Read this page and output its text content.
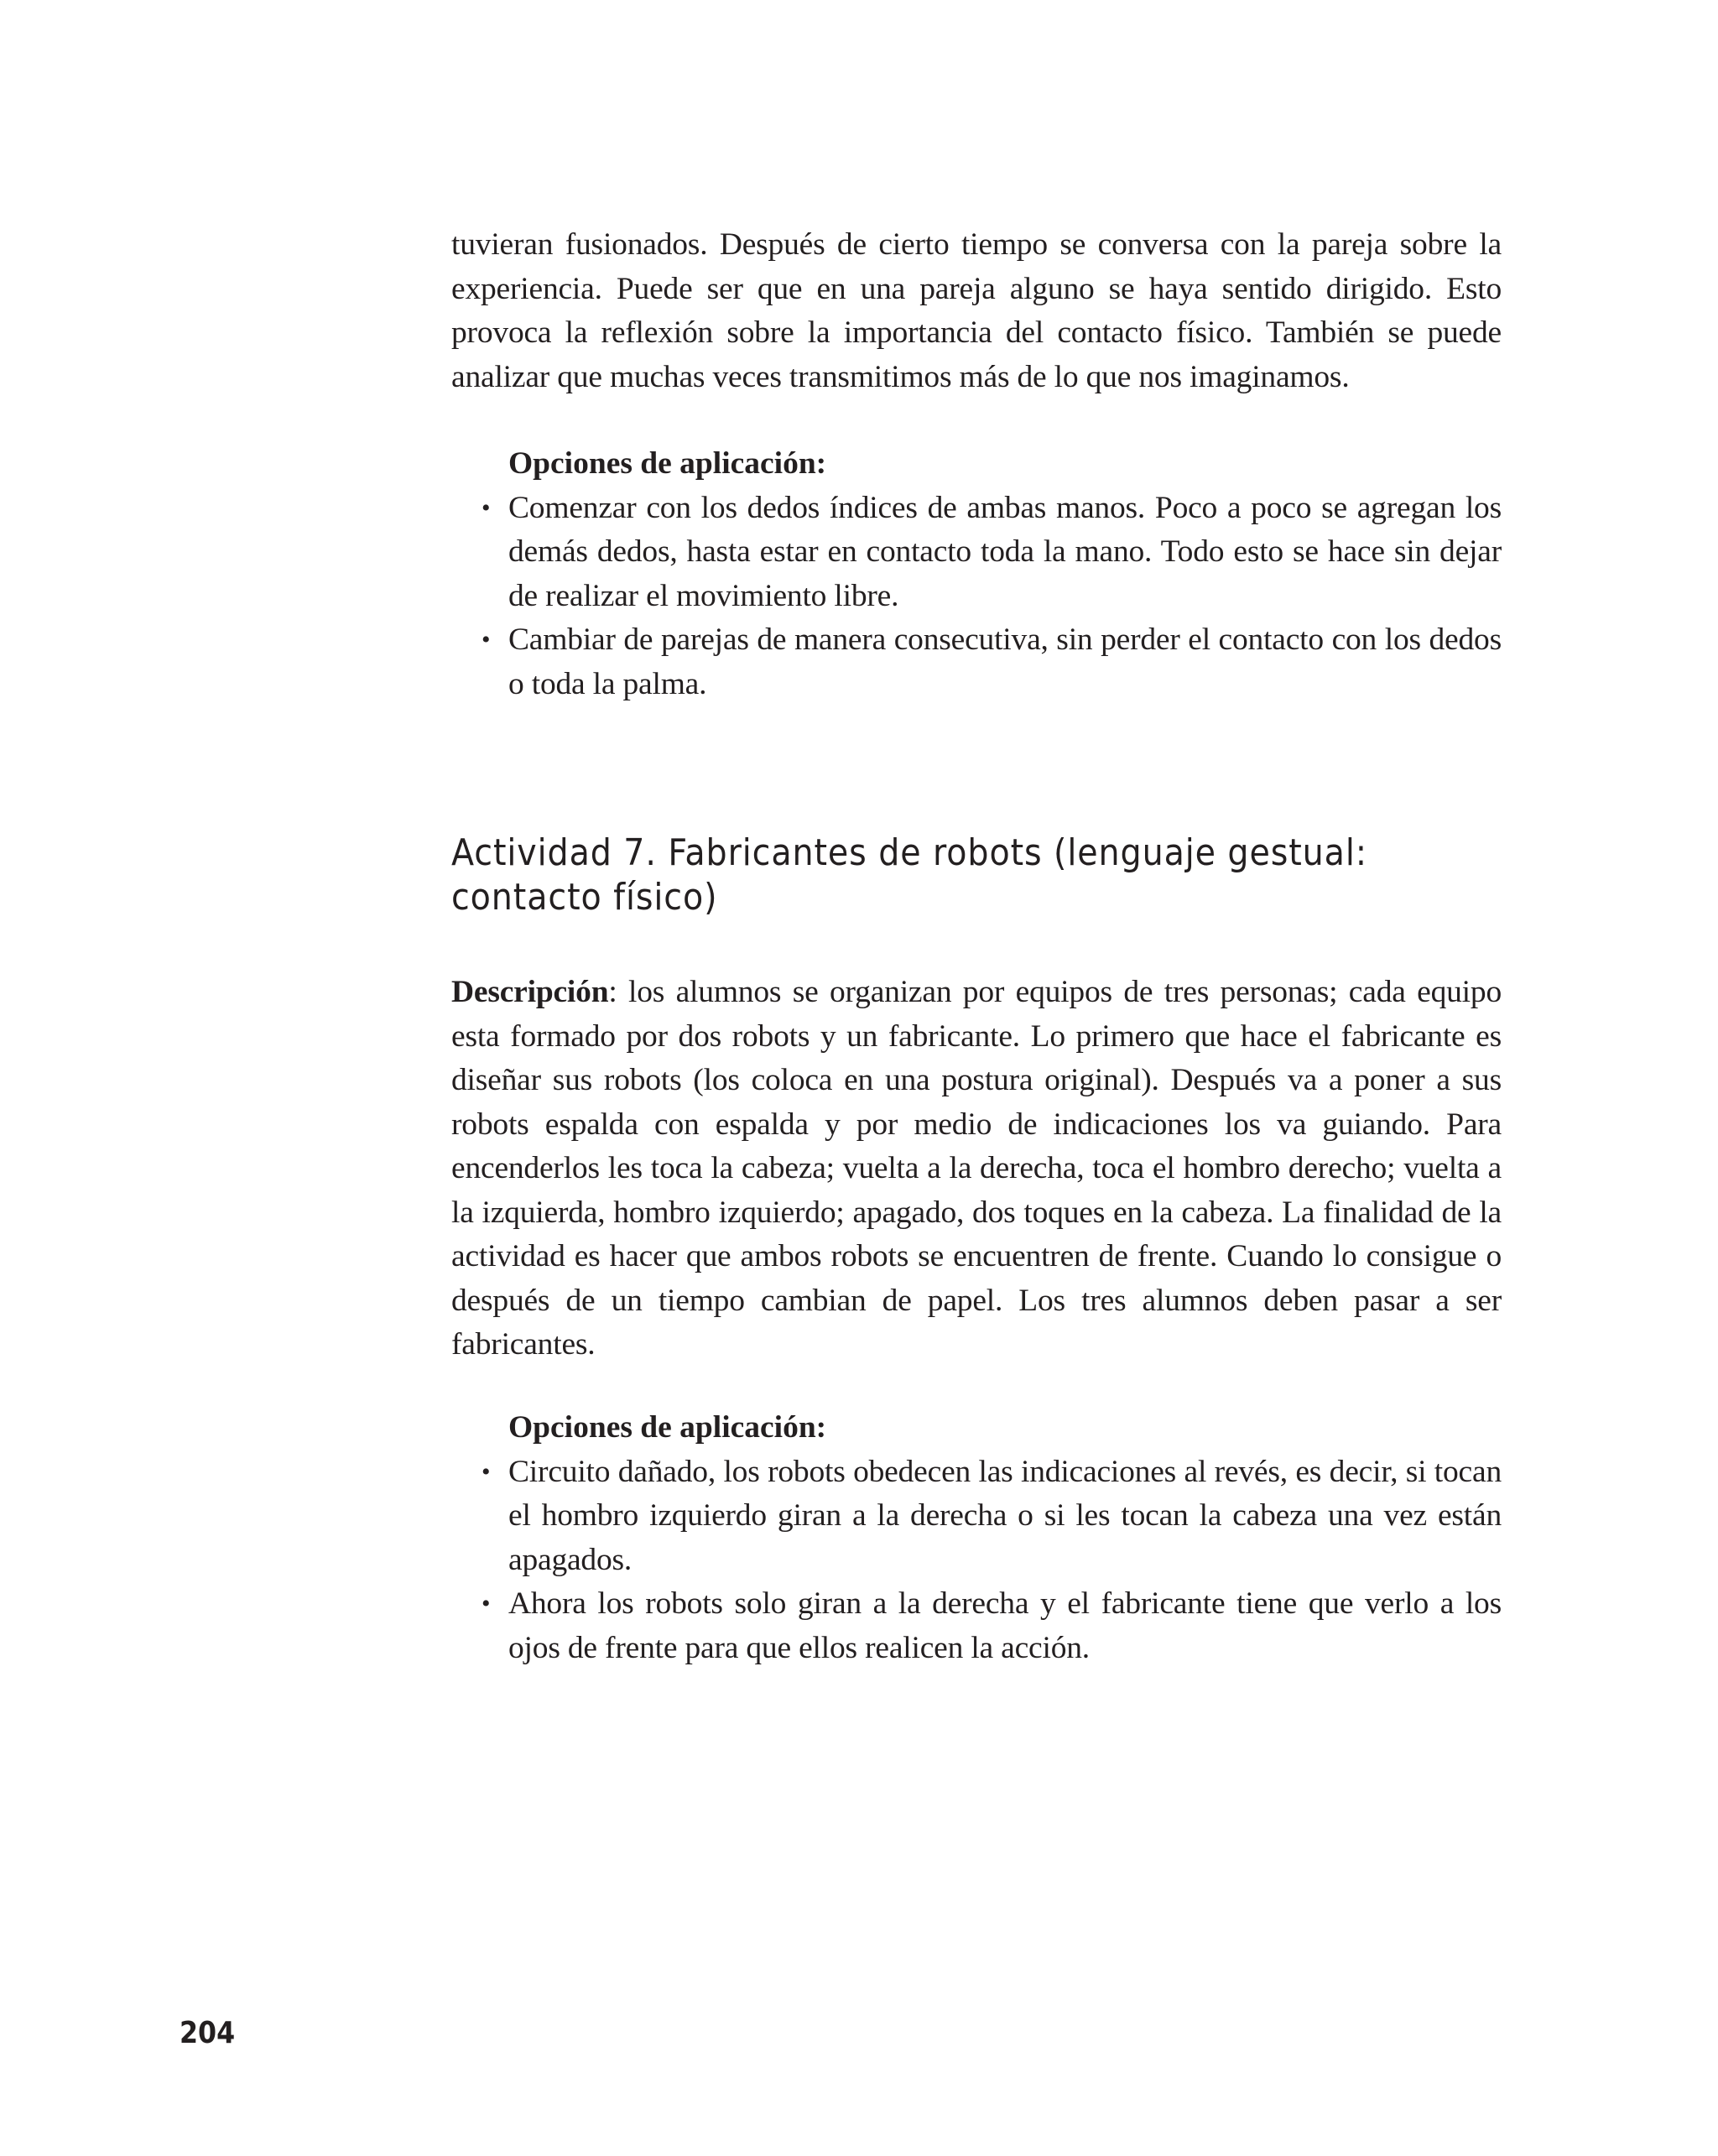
tuvieran fusionados. Después de cierto tiempo se conversa con la pareja sobre la experiencia. Puede ser que en una pareja alguno se haya sentido dirigido. Esto provoca la reflexión sobre la importancia del contacto físico. También se puede analizar que muchas veces transmitimos más de lo que nos imaginamos.

Opciones de aplicación:

• Comenzar con los dedos índices de ambas manos. Poco a poco se agregan los demás dedos, hasta estar en contacto toda la mano. Todo esto se hace sin dejar de realizar el movimiento libre.
• Cambiar de parejas de manera consecutiva, sin perder el contacto con los dedos o toda la palma.
Actividad 7. Fabricantes de robots (lenguaje gestual: contacto físico)

Descripción: los alumnos se organizan por equipos de tres personas; cada equipo esta formado por dos robots y un fabricante. Lo primero que hace el fabricante es diseñar sus robots (los coloca en una postura original). Después va a poner a sus robots espalda con espalda y por medio de indicaciones los va guiando. Para encenderlos les toca la cabeza; vuelta a la derecha, toca el hombro derecho; vuelta a la izquierda, hombro izquierdo; apagado, dos toques en la cabeza. La finalidad de la actividad es hacer que ambos robots se encuentren de frente. Cuando lo consigue o después de un tiempo cambian de papel. Los tres alumnos deben pasar a ser fabricantes.

Opciones de aplicación:

• Circuito dañado, los robots obedecen las indicaciones al revés, es decir, si tocan el hombro izquierdo giran a la derecha o si les tocan la cabeza una vez están apagados.
• Ahora los robots solo giran a la derecha y el fabricante tiene que verlo a los ojos de frente para que ellos realicen la acción.
204
